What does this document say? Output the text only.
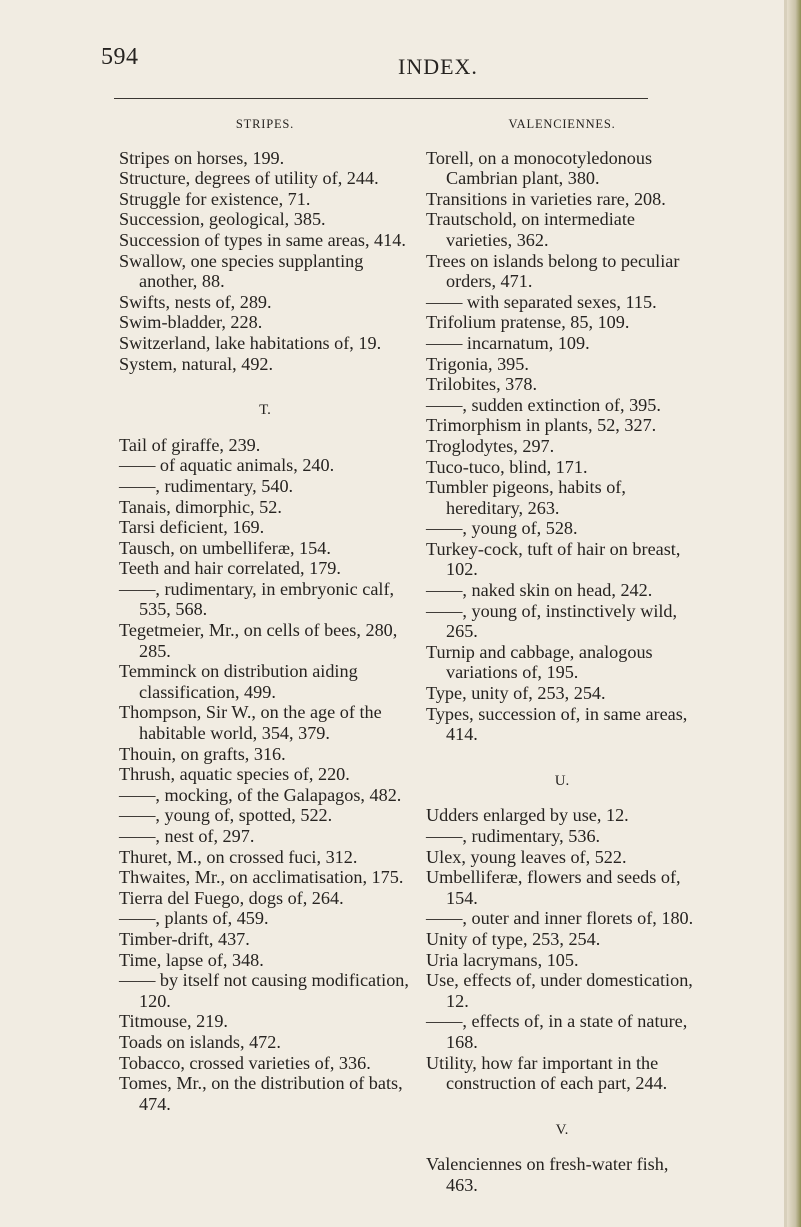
594	INDEX.
STRIPES.
Stripes on horses, 199.
Structure, degrees of utility of, 244.
Struggle for existence, 71.
Succession, geological, 385.
Succession of types in same areas, 414.
Swallow, one species supplanting another, 88.
Swifts, nests of, 289.
Swim-bladder, 228.
Switzerland, lake habitations of, 19.
System, natural, 492.
T.
Tail of giraffe, 239.
—— of aquatic animals, 240.
——, rudimentary, 540.
Tanais, dimorphic, 52.
Tarsi deficient, 169.
Tausch, on umbelliferæ, 154.
Teeth and hair correlated, 179.
——, rudimentary, in embryonic calf, 535, 568.
Tegetmeier, Mr., on cells of bees, 280, 285.
Temminck on distribution aiding classification, 499.
Thompson, Sir W., on the age of the habitable world, 354, 379.
Thouin, on grafts, 316.
Thrush, aquatic species of, 220.
——, mocking, of the Galapagos, 482.
——, young of, spotted, 522.
——, nest of, 297.
Thuret, M., on crossed fuci, 312.
Thwaites, Mr., on acclimatisation, 175.
Tierra del Fuego, dogs of, 264.
——, plants of, 459.
Timber-drift, 437.
Time, lapse of, 348.
—— by itself not causing modification, 120.
Titmouse, 219.
Toads on islands, 472.
Tobacco, crossed varieties of, 336.
Tomes, Mr., on the distribution of bats, 474.
VALENCIENNES.
Torell, on a monocotyledonous Cambrian plant, 380.
Transitions in varieties rare, 208.
Trautschold, on intermediate varieties, 362.
Trees on islands belong to peculiar orders, 471.
—— with separated sexes, 115.
Trifolium pratense, 85, 109.
—— incarnatum, 109.
Trigonia, 395.
Trilobites, 378.
——, sudden extinction of, 395.
Trimorphism in plants, 52, 327.
Troglodytes, 297.
Tuco-tuco, blind, 171.
Tumbler pigeons, habits of, hereditary, 263.
——, young of, 528.
Turkey-cock, tuft of hair on breast, 102.
——, naked skin on head, 242.
——, young of, instinctively wild, 265.
Turnip and cabbage, analogous variations of, 195.
Type, unity of, 253, 254.
Types, succession of, in same areas, 414.
U.
Udders enlarged by use, 12.
——, rudimentary, 536.
Ulex, young leaves of, 522.
Umbelliferæ, flowers and seeds of, 154.
——, outer and inner florets of, 180.
Unity of type, 253, 254.
Uria lacrymans, 105.
Use, effects of, under domestication, 12.
——, effects of, in a state of nature, 168.
Utility, how far important in the construction of each part, 244.
V.
Valenciennes on fresh-water fish, 463.
